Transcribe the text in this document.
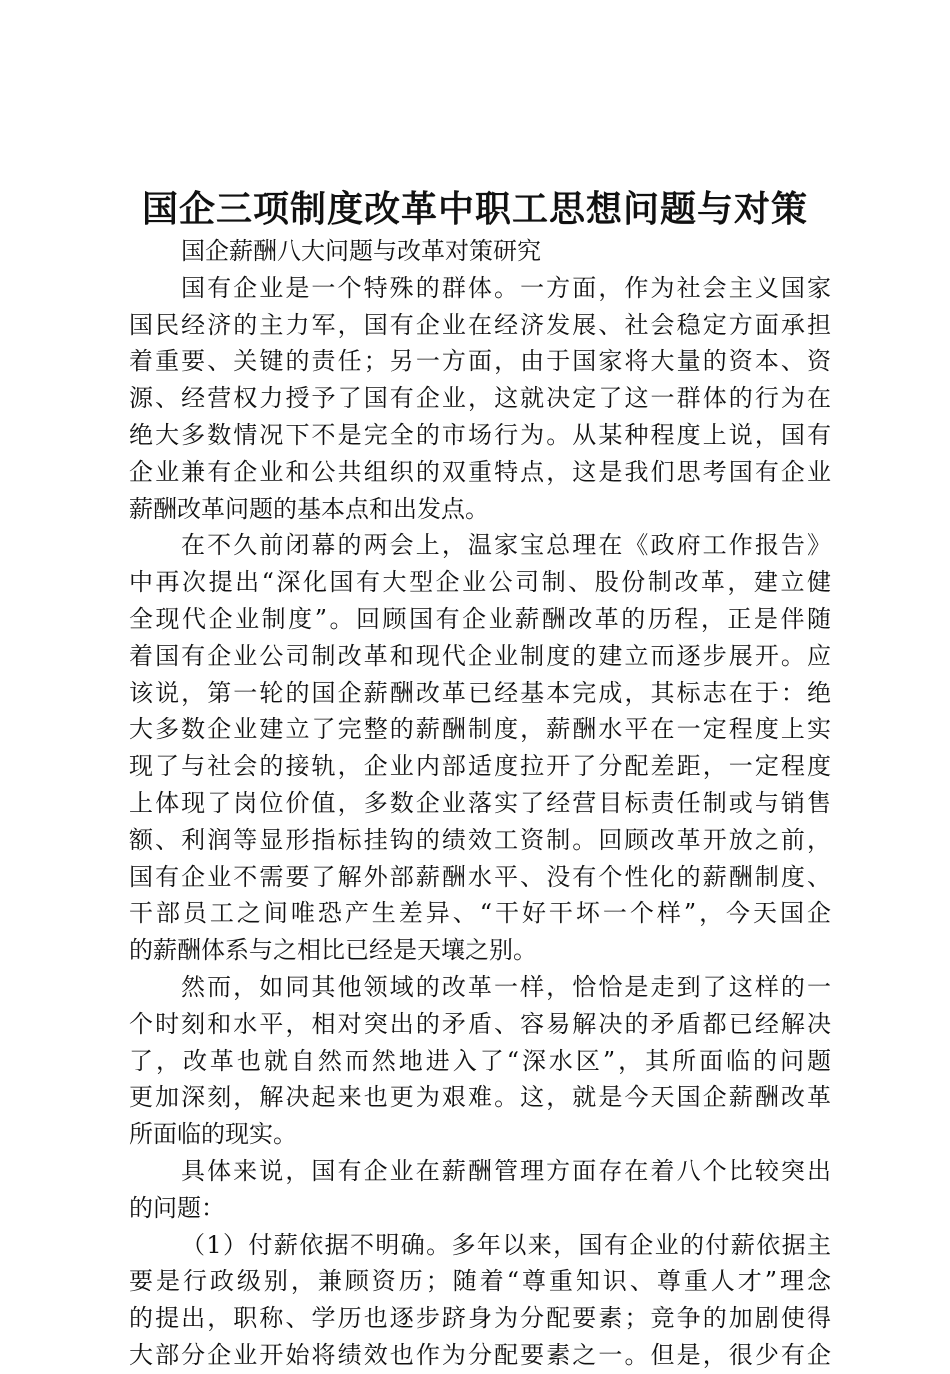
国企三项制度改革中职工思想问题与对策
国企薪酬八大问题与改革对策研究
国有企业是一个特殊的群体。一方面，作为社会主义国家
国民经济的主力军，国有企业在经济发展、社会稳定方面承担
着重要、关键的责任；另一方面，由于国家将大量的资本、资
源、经营权力授予了国有企业，这就决定了这一群体的行为在
绝大多数情况下不是完全的市场行为。从某种程度上说，国有
企业兼有企业和公共组织的双重特点，这是我们思考国有企业
薪酬改革问题的基本点和出发点。
在不久前闭幕的两会上，温家宝总理在《政府工作报告》
中再次提出“深化国有大型企业公司制、股份制改革，建立健
全现代企业制度”。回顾国有企业薪酬改革的历程，正是伴随
着国有企业公司制改革和现代企业制度的建立而逐步展开。应
该说，第一轮的国企薪酬改革已经基本完成，其标志在于：绝
大多数企业建立了完整的薪酬制度，薪酬水平在一定程度上实
现了与社会的接轨，企业内部适度拉开了分配差距，一定程度
上体现了岗位价值，多数企业落实了经营目标责任制或与销售
额、利润等显形指标挂钩的绩效工资制。回顾改革开放之前，
国有企业不需要了解外部薪酬水平、没有个性化的薪酬制度、
干部员工之间唯恐产生差异、“干好干坏一个样”，今天国企
的薪酬体系与之相比已经是天壤之别。
然而，如同其他领域的改革一样，恰恰是走到了这样的一
个时刻和水平，相对突出的矛盾、容易解决的矛盾都已经解决
了，改革也就自然而然地进入了“深水区”，其所面临的问题
更加深刻，解决起来也更为艰难。这，就是今天国企薪酬改革
所面临的现实。
具体来说，国有企业在薪酬管理方面存在着八个比较突出
的问题：
（1）付薪依据不明确。多年以来，国有企业的付薪依据主
要是行政级别，兼顾资历；随着“尊重知识、尊重人才”理念
的提出，职称、学历也逐步跻身为分配要素；竞争的加剧使得
大部分企业开始将绩效也作为分配要素之一。但是，很少有企
